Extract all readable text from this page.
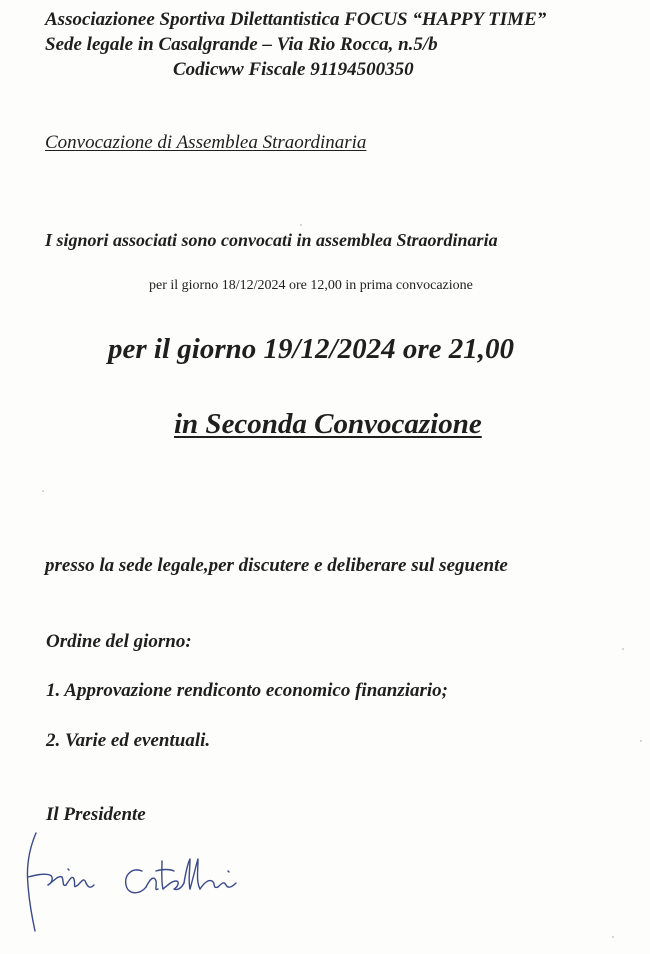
Associazionee Sportiva Dilettantistica FOCUS “HAPPY TIME”
Sede legale in Casalgrande – Via Rio Rocca, n.5/b
Codicww Fiscale 91194500350
Convocazione di Assemblea Straordinaria
I signori associati sono convocati in assemblea Straordinaria
per il giorno 18/12/2024 ore 12,00 in prima convocazione
per il giorno 19/12/2024 ore 21,00
in Seconda Convocazione
presso la sede legale,per discutere e deliberare sul seguente
Ordine del giorno:
1. Approvazione rendiconto economico finanziario;
2. Varie ed eventuali.
Il Presidente
